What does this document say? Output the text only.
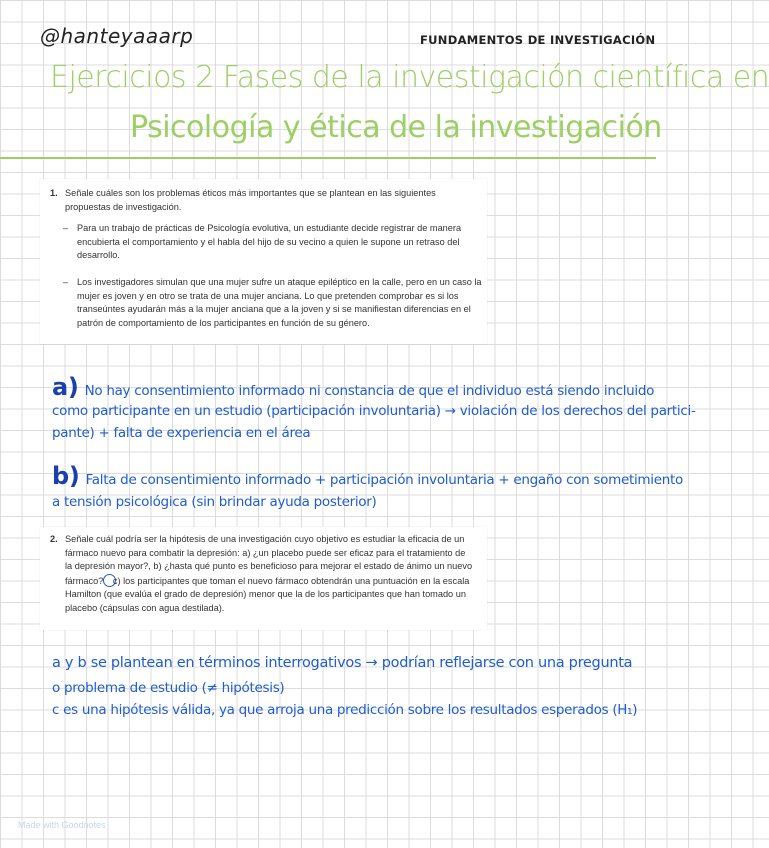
@hanteyaaarp	FUNDAMENTOS DE INVESTIGACIÓN
Ejercicios 2 Fases de la investigación científica en
Psicología y ética de la investigación
1. Señale cuáles son los problemas éticos más importantes que se plantean en las siguientes propuestas de investigación.
– Para un trabajo de prácticas de Psicología evolutiva, un estudiante decide registrar de manera encubierta el comportamiento y el habla del hijo de su vecino a quien le supone un retraso del desarrollo.
– Los investigadores simulan que una mujer sufre un ataque epiléptico en la calle, pero en un caso la mujer es joven y en otro se trata de una mujer anciana. Lo que pretenden comprobar es si los transeúntes ayudarán más a la mujer anciana que a la joven y si se manifiestan diferencias en el patrón de comportamiento de los participantes en función de su género.
a) No hay consentimiento informado ni constancia de que el individuo está siendo incluido
como participante en un estudio (participación involuntaria) → violación de los derechos del partici-
pante) + falta de experiencia en el área
b) Falta de consentimiento informado + participación involuntaria + engaño con sometimiento
a tensión psicológica (sin brindar ayuda posterior)
2. Señale cuál podría ser la hipótesis de una investigación cuyo objetivo es estudiar la eficacia de un fármaco nuevo para combatir la depresión: a) ¿un placebo puede ser eficaz para el tratamiento de la depresión mayor?, b) ¿hasta qué punto es beneficioso para mejorar el estado de ánimo un nuevo fármaco? c) los participantes que toman el nuevo fármaco obtendrán una puntuación en la escala Hamilton (que evalúa el grado de depresión) menor que la de los participantes que han tomado un placebo (cápsulas con agua destilada).
a y b se plantean en términos interrogativos → podrían reflejarse con una pregunta
o problema de estudio (≠ hipótesis)
c es una hipótesis válida, ya que arroja una predicción sobre los resultados esperados (H₁)
Made with Goodnotes
